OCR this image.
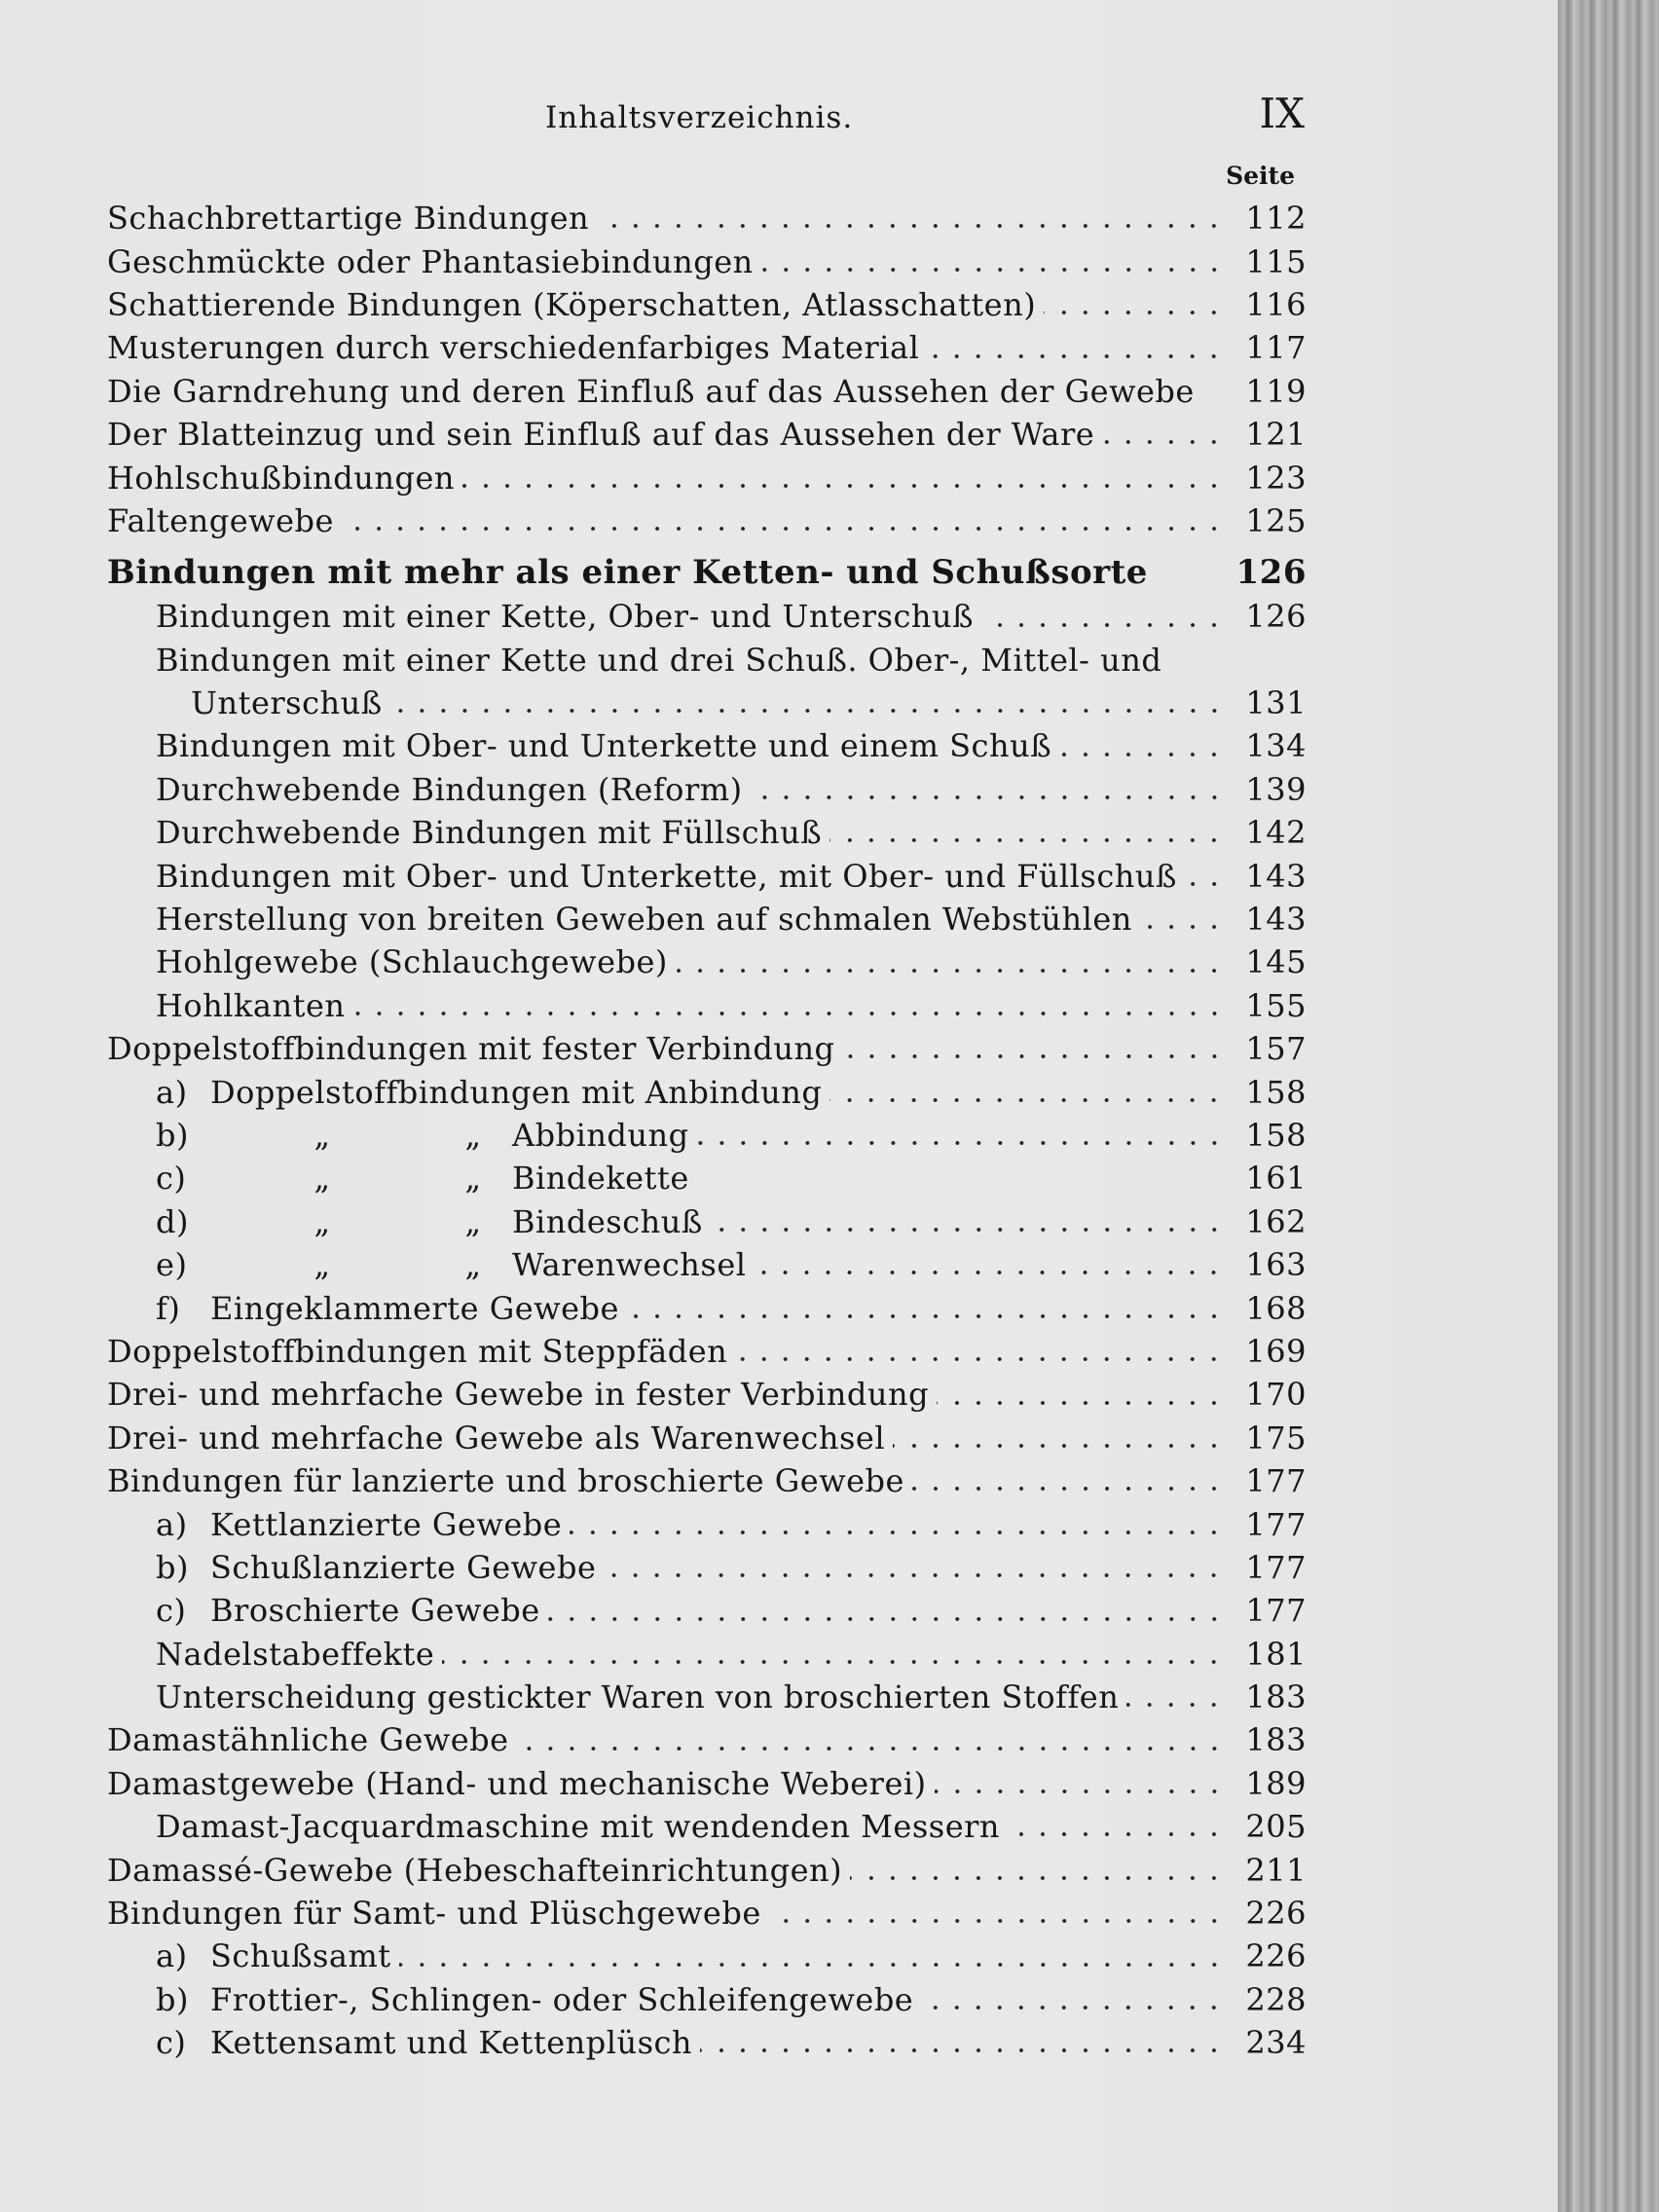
Inhaltsverzeichnis.	IX
Seite
Schachbrettartige Bindungen	112
Geschmückte oder Phantasiebindungen	115
Schattierende Bindungen (Köperschatten, Atlasschatten)	116
Musterungen durch verschiedenfarbiges Material	117
Die Garndrehung und deren Einfluß auf das Aussehen der Gewebe	119
Der Blatteinzug und sein Einfluß auf das Aussehen der Ware	121
Hohlschußbindungen	123
Faltengewebe	125
Bindungen mit mehr als einer Ketten- und Schußsorte	126
Bindungen mit einer Kette, Ober- und Unterschuß	126
Bindungen mit einer Kette und drei Schuß. Ober-, Mittel- und
Unterschuß	131
Bindungen mit Ober- und Unterkette und einem Schuß	134
Durchwebende Bindungen (Reform)	139
Durchwebende Bindungen mit Füllschuß	142
Bindungen mit Ober- und Unterkette, mit Ober- und Füllschuß	143
Herstellung von breiten Geweben auf schmalen Webstühlen	143
Hohlgewebe (Schlauchgewebe)	145
Hohlkanten	155
Doppelstoffbindungen mit fester Verbindung	157
a) Doppelstoffbindungen mit Anbindung	158
b)	„	„ Abbindung	158
c)	„	„ Bindekette	161
d)	„	„ Bindeschuß	162
e)	„	„ Warenwechsel	163
f) Eingeklammerte Gewebe	168
Doppelstoffbindungen mit Steppfäden	169
Drei- und mehrfache Gewebe in fester Verbindung	170
Drei- und mehrfache Gewebe als Warenwechsel	175
Bindungen für lanzierte und broschierte Gewebe	177
a) Kettlanzierte Gewebe	177
b) Schußlanzierte Gewebe	177
c) Broschierte Gewebe	177
Nadelstabeffekte	181
Unterscheidung gestickter Waren von broschierten Stoffen	183
Damastähnliche Gewebe	183
Damastgewebe (Hand- und mechanische Weberei)	189
Damast-Jacquardmaschine mit wendenden Messern	205
Damassé-Gewebe (Hebeschafteinrichtungen)	211
Bindungen für Samt- und Plüschgewebe	226
a) Schußsamt	226
b) Frottier-, Schlingen- oder Schleifengewebe	228
c) Kettensamt und Kettenplüsch	234
